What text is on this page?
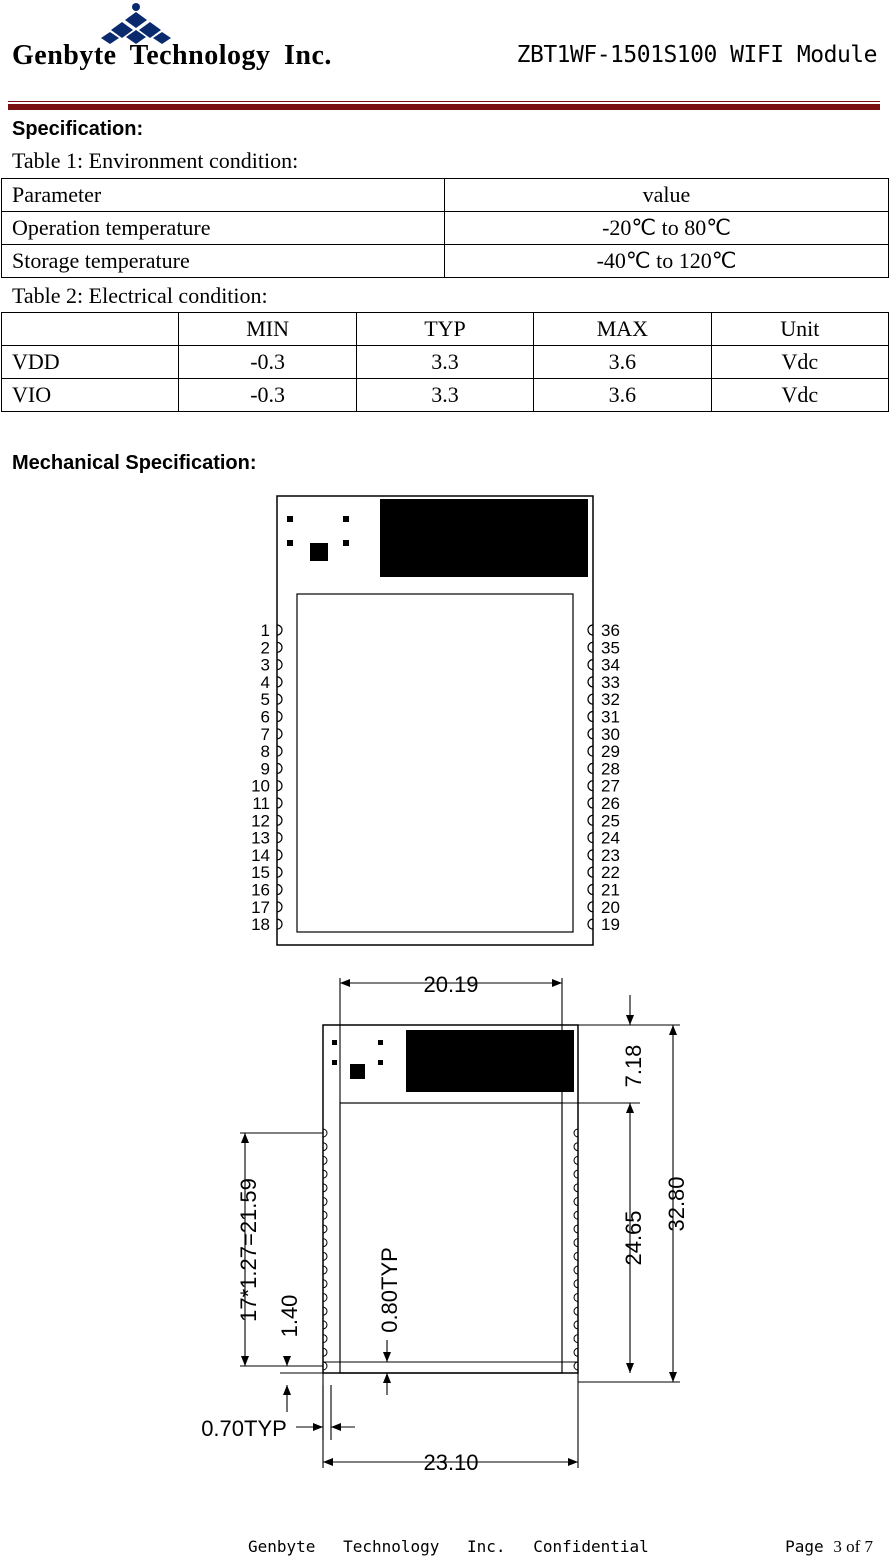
Genbyte Technology Inc.	ZBT1WF-1501S100 WIFI Module
Specification:
Table 1: Environment condition:
Parameter	value
Operation temperature	-20℃ to 80℃
Storage temperature	-40℃ to 120℃
Table 2: Electrical condition:
	MIN	TYP	MAX	Unit
VDD	-0.3	3.3	3.6	Vdc
VIO	-0.3	3.3	3.6	Vdc
Mechanical Specification:
1
2
3
4
5
6
7
8
9
10
11
12
13
14
15
16
17
18
36
35
34
33
32
31
30
29
28
27
26
25
24
23
22
21
20
19
20.19
23.10
7.18
24.65
32.80
17*1.27=21.59 1.40	0.80TYP
0.70TYP
Genbyte Technology Inc. Confidential	Page 3 of 7
